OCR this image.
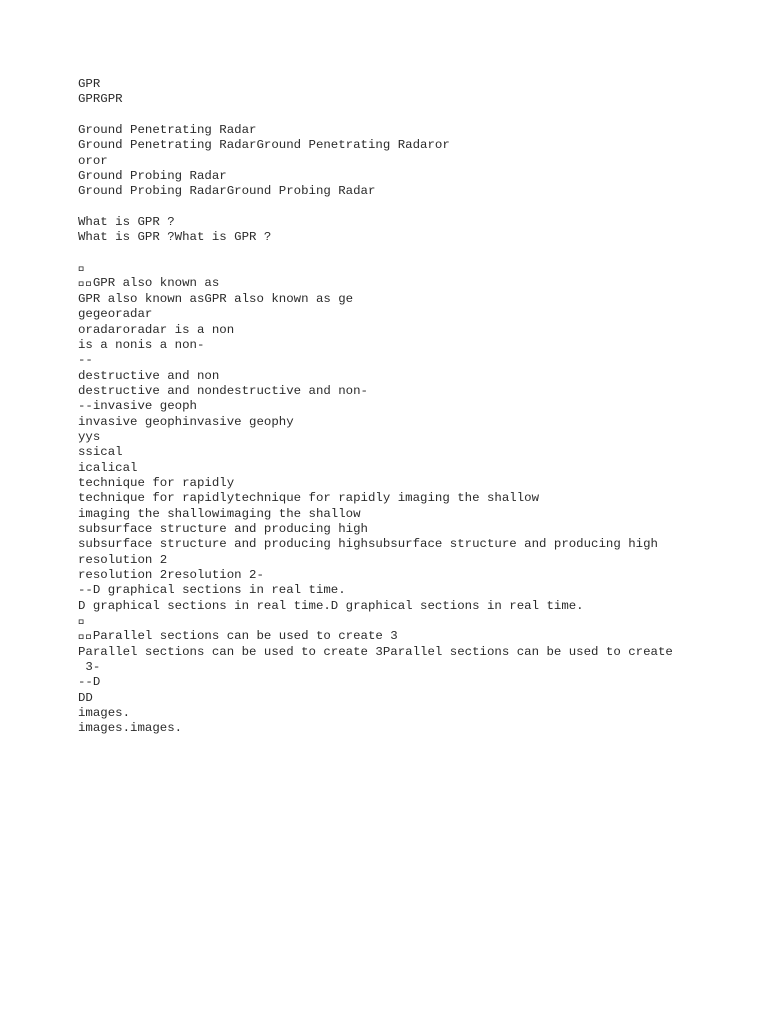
GPR
GPRGPR
Ground Penetrating Radar
Ground Penetrating RadarGround Penetrating Radaror
oror
Ground Probing Radar
Ground Probing RadarGround Probing Radar
What is GPR ?
What is GPR ?What is GPR ?

GPR also known as
GPR also known asGPR also known as ge
gegeoradar
oradaroradar is a non
is a nonis a non-
--
destructive and non
destructive and nondestructive and non-
--invasive geoph
invasive geophinvasive geophy
yys
ssical
icalical
technique for rapidly
technique for rapidlytechnique for rapidly imaging the shallow
imaging the shallowimaging the shallow
subsurface structure and producing high
subsurface structure and producing highsubsurface structure and producing high
resolution 2
resolution 2resolution 2-
--D graphical sections in real time.
D graphical sections in real time.D graphical sections in real time.

Parallel sections can be used to create 3
Parallel sections can be used to create 3Parallel sections can be used to create
3-
--D
DD
images.
images.images.
